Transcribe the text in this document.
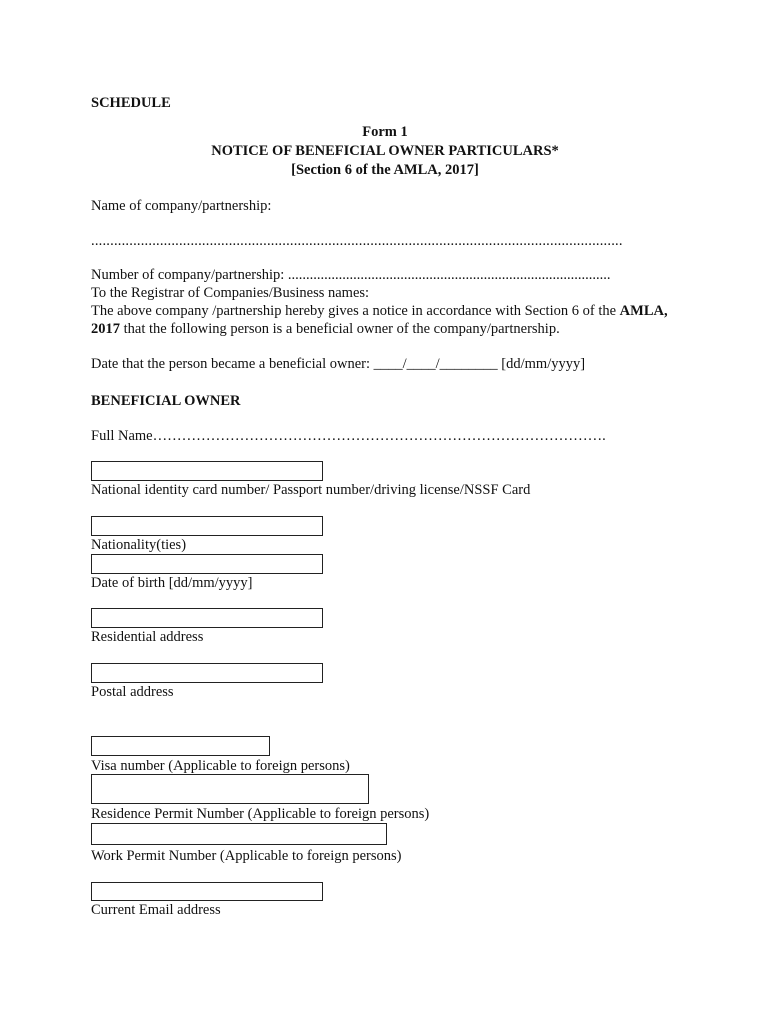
SCHEDULE

Form 1

NOTICE OF BENEFICIAL OWNER PARTICULARS*

[Section 6 of the AMLA, 2017]

Name of company/partnership:

...........................................................................................................................................

Number of company/partnership: .........................................................................................

To the Registrar of Companies/Business names:

The above company /partnership hereby gives a notice in accordance with Section 6 of the AMLA,

2017 that the following person is a beneficial owner of the company/partnership.

Date that the person became a beneficial owner: ____/____/________ [dd/mm/yyyy]

BENEFICIAL OWNER

Full Name………………………………………………………………………………….

National identity card number/ Passport number/driving license/NSSF Card

Nationality(ties)

Date of birth [dd/mm/yyyy]

Residential address

Postal address

Visa number (Applicable to foreign persons)

Residence Permit Number (Applicable to foreign persons)

Work Permit Number (Applicable to foreign persons)

Current Email address
